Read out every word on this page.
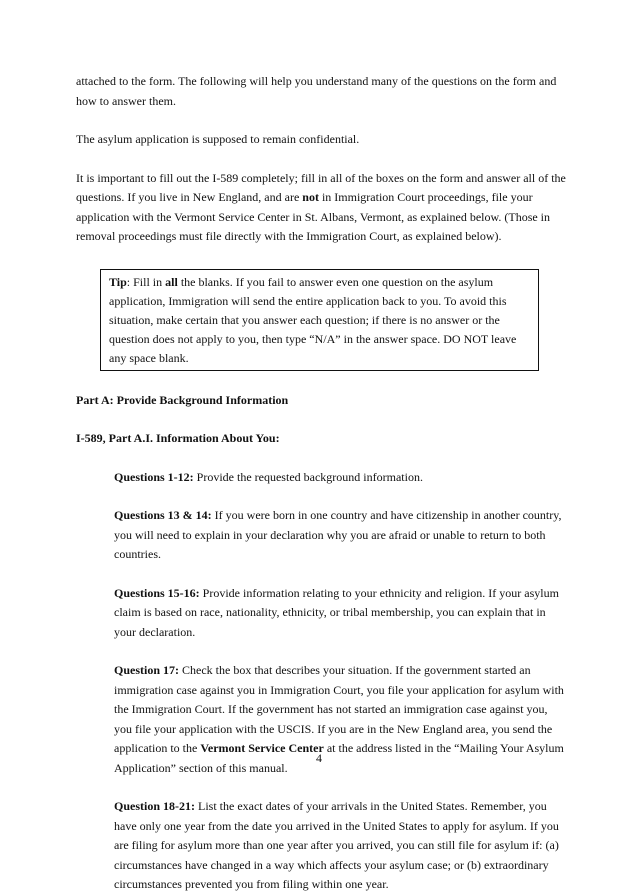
attached to the form. The following will help you understand many of the questions on the form and how to answer them.

The asylum application is supposed to remain confidential.

It is important to fill out the I-589 completely; fill in all of the boxes on the form and answer all of the questions. If you live in New England, and are not in Immigration Court proceedings, file your application with the Vermont Service Center in St. Albans, Vermont, as explained below. (Those in removal proceedings must file directly with the Immigration Court, as explained below).

Tip: Fill in all the blanks. If you fail to answer even one question on the asylum application, Immigration will send the entire application back to you. To avoid this situation, make certain that you answer each question; if there is no answer or the question does not apply to you, then type “N/A” in the answer space. DO NOT leave any space blank.

Part A: Provide Background Information

I-589, Part A.I. Information About You:

Questions 1-12: Provide the requested background information.

Questions 13 & 14: If you were born in one country and have citizenship in another country, you will need to explain in your declaration why you are afraid or unable to return to both countries.

Questions 15-16: Provide information relating to your ethnicity and religion. If your asylum claim is based on race, nationality, ethnicity, or tribal membership, you can explain that in your declaration.

Question 17: Check the box that describes your situation. If the government started an immigration case against you in Immigration Court, you file your application for asylum with the Immigration Court. If the government has not started an immigration case against you, you file your application with the USCIS. If you are in the New England area, you send the application to the Vermont Service Center at the address listed in the “Mailing Your Asylum Application” section of this manual.

Question 18-21: List the exact dates of your arrivals in the United States. Remember, you have only one year from the date you arrived in the United States to apply for asylum. If you are filing for asylum more than one year after you arrived, you can still file for asylum if: (a) circumstances have changed in a way which affects your asylum case; or (b) extraordinary circumstances prevented you from filing within one year.

4
